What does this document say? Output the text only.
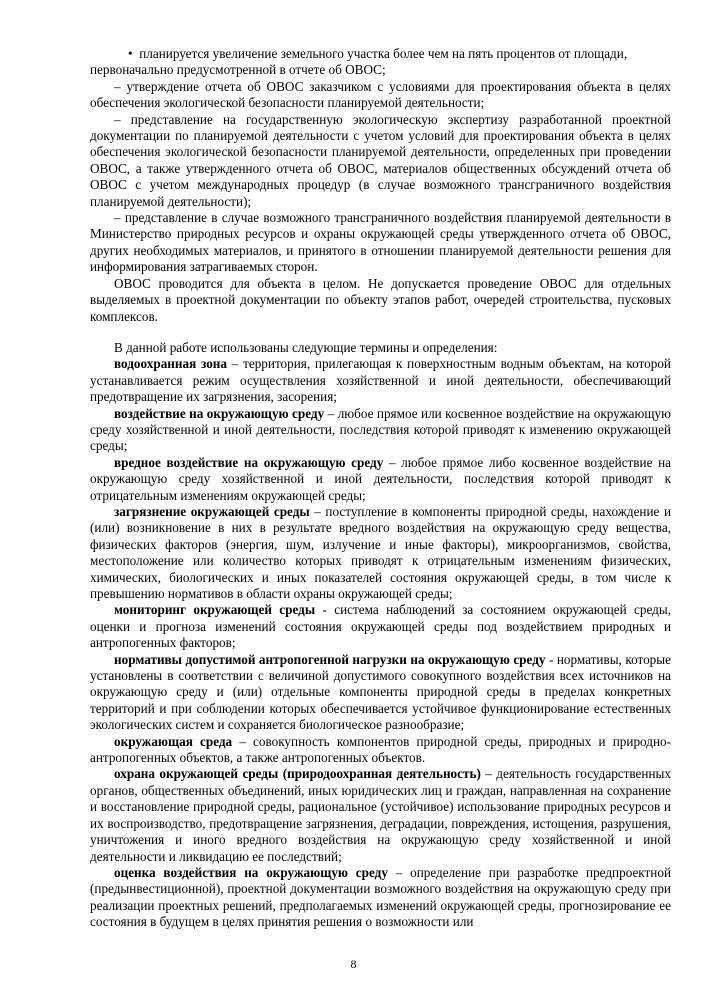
• планируется увеличение земельного участка более чем на пять процентов от площади,
первоначально предусмотренной в отчете об ОВОС;

– утверждение отчета об ОВОС заказчиком с условиями для проектирования объекта в целях обеспечения экологической безопасности планируемой деятельности;

– представление на государственную экологическую экспертизу разработанной проектной документации по планируемой деятельности с учетом условий для проектирования объекта в целях обеспечения экологической безопасности планируемой деятельности, определенных при проведении ОВОС, а также утвержденного отчета об ОВОС, материалов общественных обсуждений отчета об ОВОС с учетом международных процедур (в случае возможного трансграничного воздействия планируемой деятельности);

– представление в случае возможного трансграничного воздействия планируемой деятельности в Министерство природных ресурсов и охраны окружающей среды утвержденного отчета об ОВОС, других необходимых материалов, и принятого в отношении планируемой деятельности решения для информирования затрагиваемых сторон.

ОВОС проводится для объекта в целом. Не допускается проведение ОВОС для отдельных выделяемых в проектной документации по объекту этапов работ, очередей строительства, пусковых комплексов.

В данной работе использованы следующие термины и определения:

водоохранная зона – территория, прилегающая к поверхностным водным объектам, на которой устанавливается режим осуществления хозяйственной и иной деятельности, обеспечивающий предотвращение их загрязнения, засорения;

воздействие на окружающую среду – любое прямое или косвенное воздействие на окружающую среду хозяйственной и иной деятельности, последствия которой приводят к изменению окружающей среды;

вредное воздействие на окружающую среду – любое прямое либо косвенное воздействие на окружающую среду хозяйственной и иной деятельности, последствия которой приводят к отрицательным изменениям окружающей среды;

загрязнение окружающей среды – поступление в компоненты природной среды, нахождение и (или) возникновение в них в результате вредного воздействия на окружающую среду вещества, физических факторов (энергия, шум, излучение и иные факторы), микроорганизмов, свойства, местоположение или количество которых приводят к отрицательным изменениям физических, химических, биологических и иных показателей состояния окружающей среды, в том числе к превышению нормативов в области охраны окружающей среды;

мониторинг окружающей среды - система наблюдений за состоянием окружающей среды, оценки и прогноза изменений состояния окружающей среды под воздействием природных и антропогенных факторов;

нормативы допустимой антропогенной нагрузки на окружающую среду - нормативы, которые установлены в соответствии с величиной допустимого совокупного воздействия всех источников на окружающую среду и (или) отдельные компоненты природной среды в пределах конкретных территорий и при соблюдении которых обеспечивается устойчивое функционирование естественных экологических систем и сохраняется биологическое разнообразие;

окружающая среда – совокупность компонентов природной среды, природных и природно-антропогенных объектов, а также антропогенных объектов.

охрана окружающей среды (природоохранная деятельность) – деятельность государственных органов, общественных объединений, иных юридических лиц и граждан, направленная на сохранение и восстановление природной среды, рациональное (устойчивое) использование природных ресурсов и их воспроизводство, предотвращение загрязнения, деградации, повреждения, истощения, разрушения, уничтожения и иного вредного воздействия на окружающую среду хозяйственной и иной деятельности и ликвидацию ее последствий;

оценка воздействия на окружающую среду – определение при разработке предпроектной (предынвестиционной), проектной документации возможного воздействия на окружающую среду при реализации проектных решений, предполагаемых изменений окружающей среды, прогнозирование ее состояния в будущем в целях принятия решения о возможности или

8
